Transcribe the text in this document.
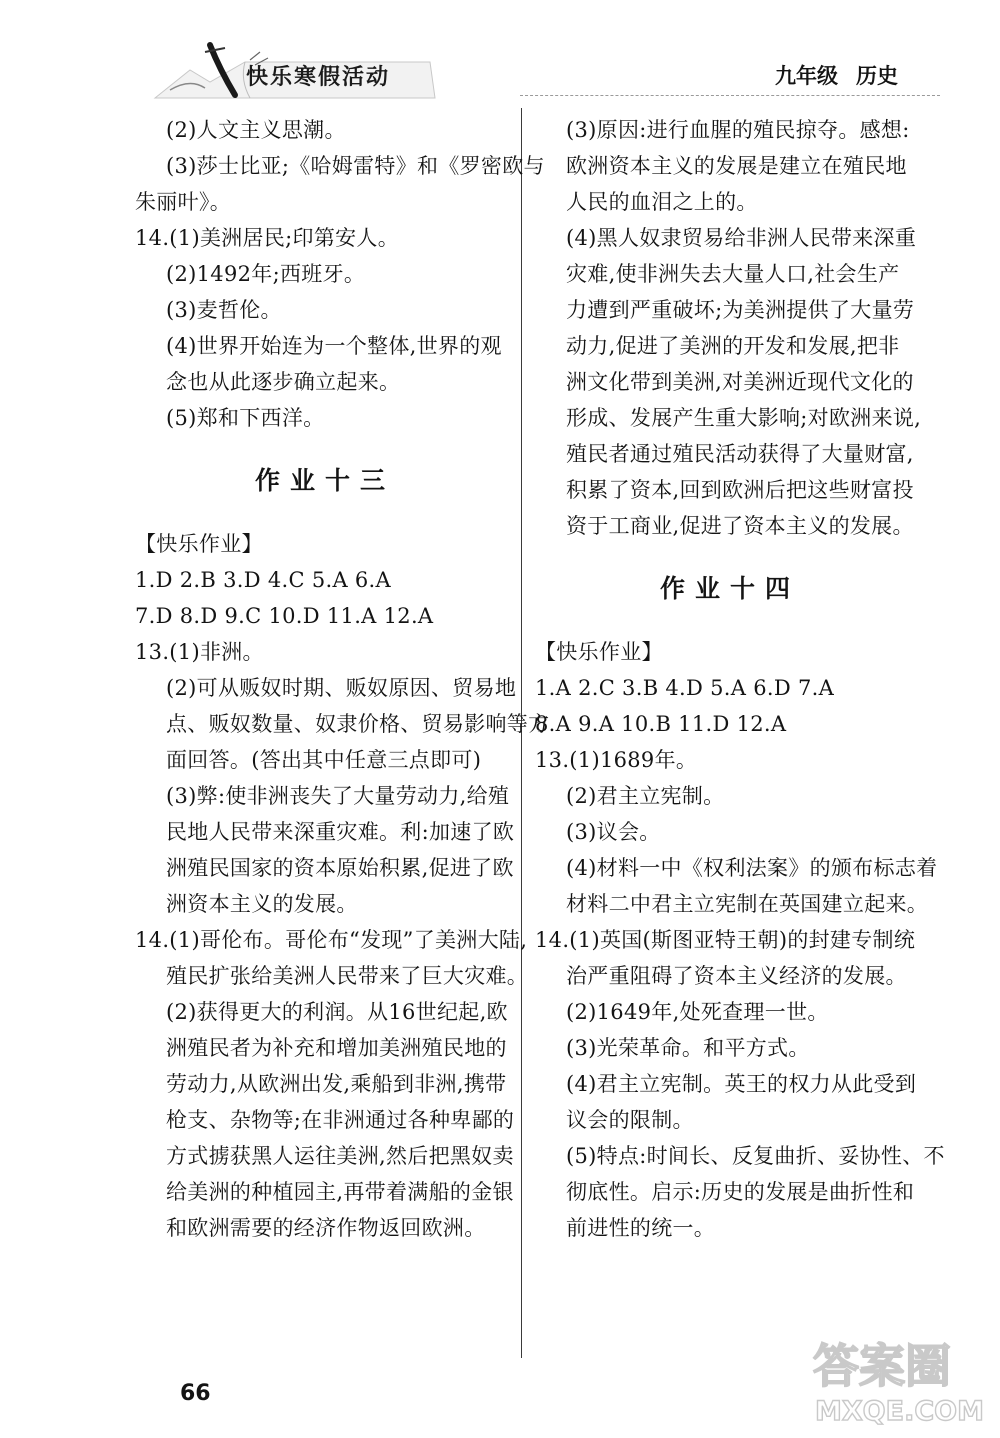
快乐寒假活动	九年级 历史
(2)人文主义思潮。
(3)莎士比亚;《哈姆雷特》和《罗密欧与
朱丽叶》。
14.(1)美洲居民;印第安人。
(2)1492年;西班牙。
(3)麦哲伦。
(4)世界开始连为一个整体,世界的观
念也从此逐步确立起来。
(5)郑和下西洋。
作业十三
【快乐作业】
1.D 2.B 3.D 4.C 5.A 6.A
7.D 8.D 9.C 10.D 11.A 12.A
13.(1)非洲。
(2)可从贩奴时期、贩奴原因、贸易地
点、贩奴数量、奴隶价格、贸易影响等方
面回答。(答出其中任意三点即可)
(3)弊:使非洲丧失了大量劳动力,给殖
民地人民带来深重灾难。利:加速了欧
洲殖民国家的资本原始积累,促进了欧
洲资本主义的发展。
14.(1)哥伦布。哥伦布“发现”了美洲大陆,
殖民扩张给美洲人民带来了巨大灾难。
(2)获得更大的利润。从16世纪起,欧
洲殖民者为补充和增加美洲殖民地的
劳动力,从欧洲出发,乘船到非洲,携带
枪支、杂物等;在非洲通过各种卑鄙的
方式掳获黑人运往美洲,然后把黑奴卖
给美洲的种植园主,再带着满船的金银
和欧洲需要的经济作物返回欧洲。
(3)原因:进行血腥的殖民掠夺。感想:
欧洲资本主义的发展是建立在殖民地
人民的血泪之上的。
(4)黑人奴隶贸易给非洲人民带来深重
灾难,使非洲失去大量人口,社会生产
力遭到严重破坏;为美洲提供了大量劳
动力,促进了美洲的开发和发展,把非
洲文化带到美洲,对美洲近现代文化的
形成、发展产生重大影响;对欧洲来说,
殖民者通过殖民活动获得了大量财富,
积累了资本,回到欧洲后把这些财富投
资于工商业,促进了资本主义的发展。
作业十四
【快乐作业】
1.A 2.C 3.B 4.D 5.A 6.D 7.A
8.A 9.A 10.B 11.D 12.A
13.(1)1689年。
(2)君主立宪制。
(3)议会。
(4)材料一中《权利法案》的颁布标志着
材料二中君主立宪制在英国建立起来。
14.(1)英国(斯图亚特王朝)的封建专制统
治严重阻碍了资本主义经济的发展。
(2)1649年,处死查理一世。
(3)光荣革命。和平方式。
(4)君主立宪制。英王的权力从此受到
议会的限制。
(5)特点:时间长、反复曲折、妥协性、不
彻底性。启示:历史的发展是曲折性和
前进性的统一。
66
答案圈
MXQE.COM
